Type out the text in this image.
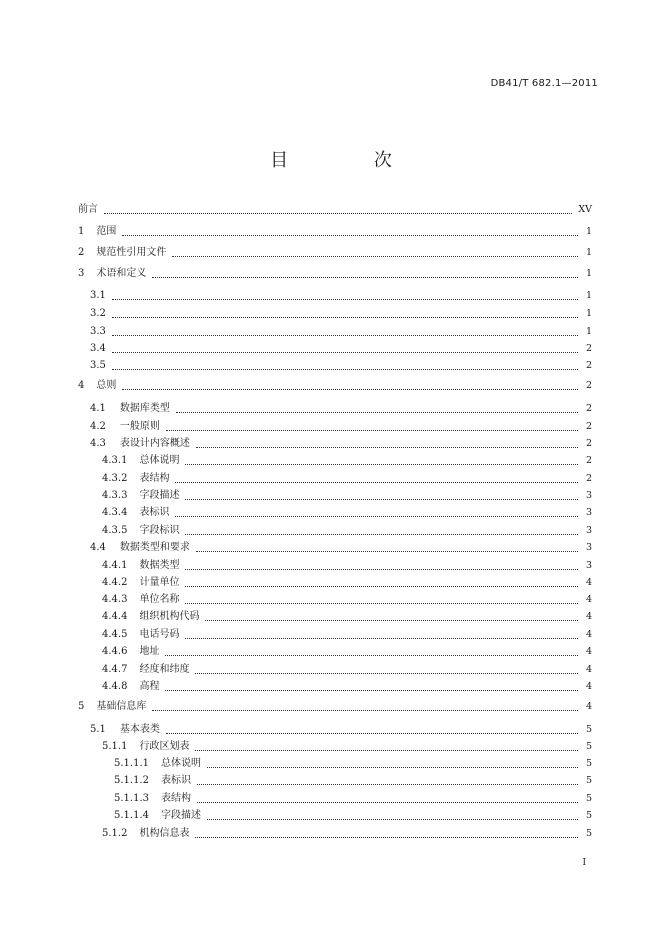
DB41/T 682.1—2011
目 次
前言	XV
1 范围	1
2 规范性引用文件	1
3 术语和定义	1
3.1	1
3.2	1
3.3	1
3.4	2
3.5	2
4 总则	2
4.1 数据库类型	2
4.2 一般原则	2
4.3 表设计内容概述	2
4.3.1 总体说明	2
4.3.2 表结构	2
4.3.3 字段描述	3
4.3.4 表标识	3
4.3.5 字段标识	3
4.4 数据类型和要求	3
4.4.1 数据类型	3
4.4.2 计量单位	4
4.4.3 单位名称	4
4.4.4 组织机构代码	4
4.4.5 电话号码	4
4.4.6 地址	4
4.4.7 经度和纬度	4
4.4.8 高程	4
5 基础信息库	4
5.1 基本表类	5
5.1.1 行政区划表	5
5.1.1.1 总体说明	5
5.1.1.2 表标识	5
5.1.1.3 表结构	5
5.1.1.4 字段描述	5
5.1.2 机构信息表	5
I
